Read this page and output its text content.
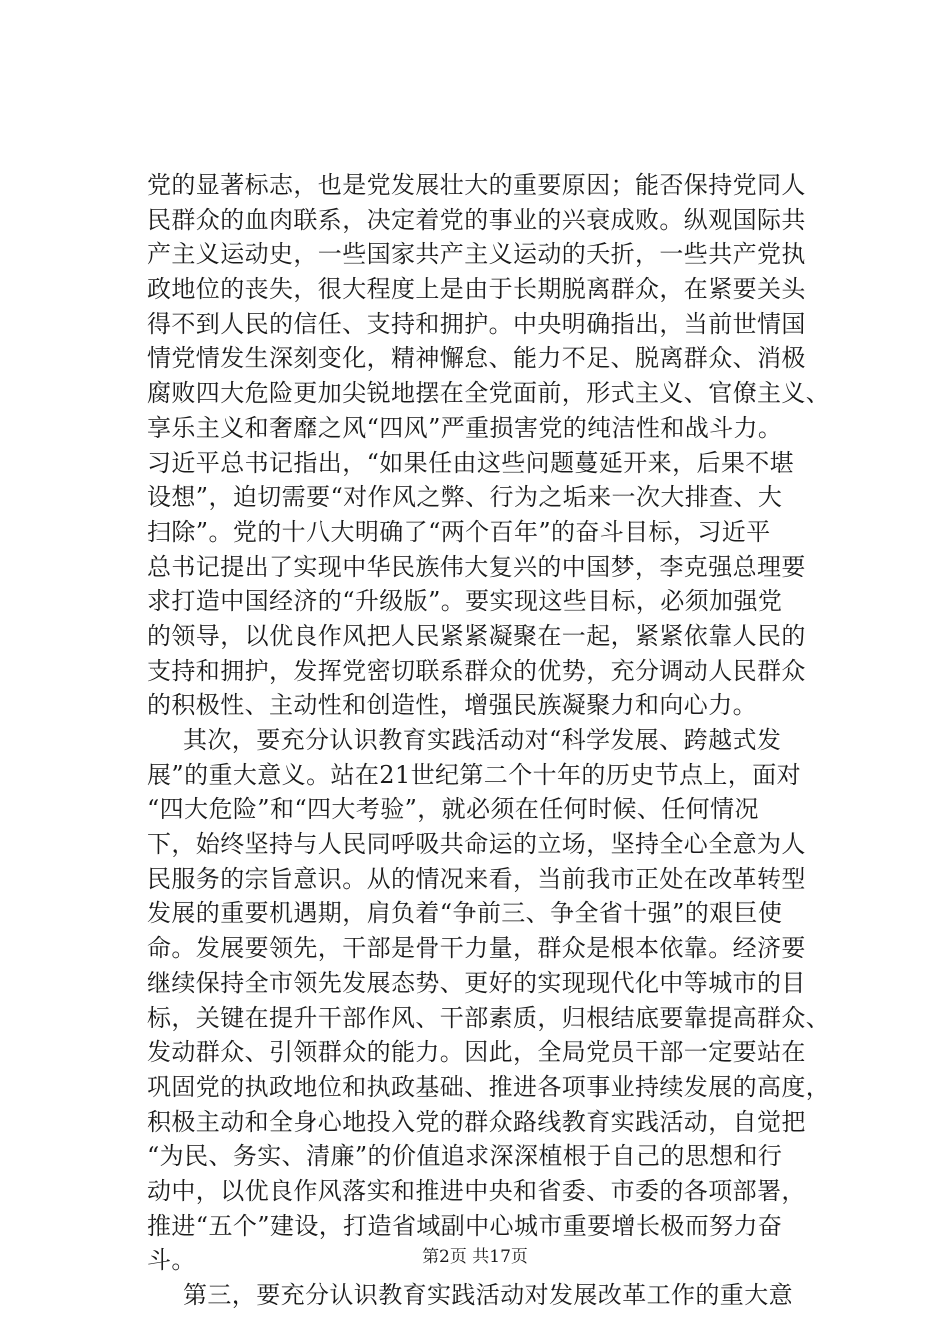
党的显著标志，也是党发展壮大的重要原因；能否保持党同人
民群众的血肉联系，决定着党的事业的兴衰成败。纵观国际共
产主义运动史，一些国家共产主义运动的夭折，一些共产党执
政地位的丧失，很大程度上是由于长期脱离群众，在紧要关头
得不到人民的信任、支持和拥护。中央明确指出，当前世情国
情党情发生深刻变化，精神懈怠、能力不足、脱离群众、消极
腐败四大危险更加尖锐地摆在全党面前，形式主义、官僚主义、
享乐主义和奢靡之风“四风”严重损害党的纯洁性和战斗力。
习近平总书记指出，“如果任由这些问题蔓延开来，后果不堪
设想”，迫切需要“对作风之弊、行为之垢来一次大排查、大
扫除”。党的十八大明确了“两个百年”的奋斗目标，习近平
总书记提出了实现中华民族伟大复兴的中国梦，李克强总理要
求打造中国经济的“升级版”。要实现这些目标，必须加强党
的领导，以优良作风把人民紧紧凝聚在一起，紧紧依靠人民的
支持和拥护，发挥党密切联系群众的优势，充分调动人民群众
的积极性、主动性和创造性，增强民族凝聚力和向心力。
其次，要充分认识教育实践活动对“科学发展、跨越式发
展”的重大意义。站在21世纪第二个十年的历史节点上，面对
“四大危险”和“四大考验”，就必须在任何时候、任何情况
下，始终坚持与人民同呼吸共命运的立场，坚持全心全意为人
民服务的宗旨意识。从的情况来看，当前我市正处在改革转型
发展的重要机遇期，肩负着“争前三、争全省十强”的艰巨使
命。发展要领先，干部是骨干力量，群众是根本依靠。经济要
继续保持全市领先发展态势、更好的实现现代化中等城市的目
标，关键在提升干部作风、干部素质，归根结底要靠提高群众、
发动群众、引领群众的能力。因此，全局党员干部一定要站在
巩固党的执政地位和执政基础、推进各项事业持续发展的高度，
积极主动和全身心地投入党的群众路线教育实践活动，自觉把
“为民、务实、清廉”的价值追求深深植根于自己的思想和行
动中，以优良作风落实和推进中央和省委、市委的各项部署，
推进“五个”建设，打造省域副中心城市重要增长极而努力奋
斗。
第三，要充分认识教育实践活动对发展改革工作的重大意
第2页 共17页
